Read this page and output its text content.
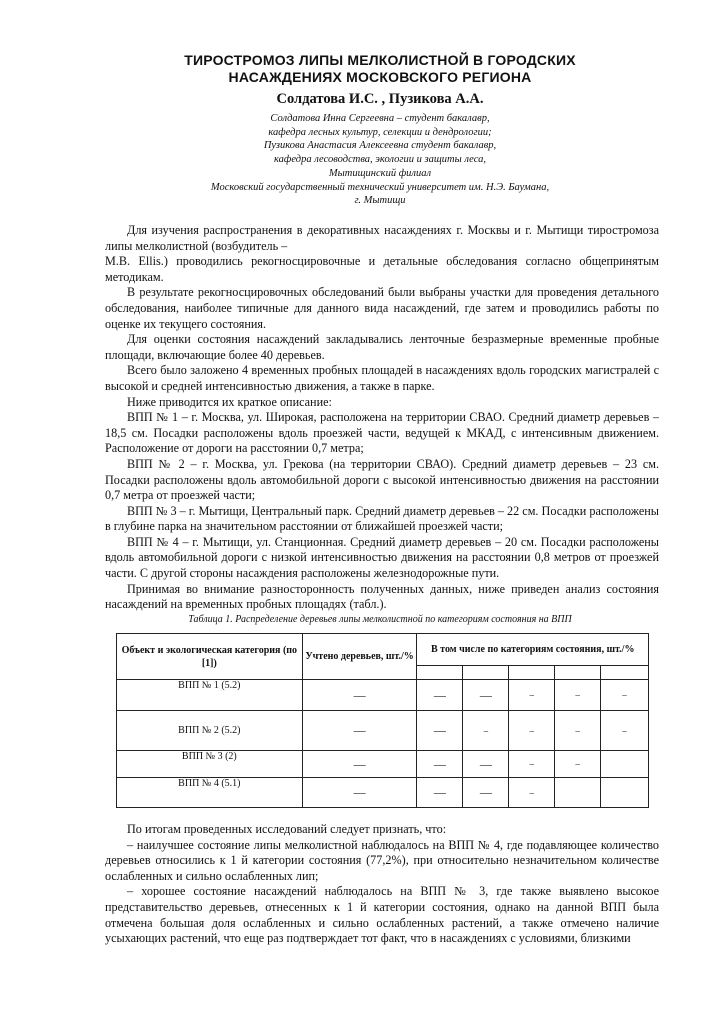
ТИРОСТРОМОЗ ЛИПЫ МЕЛКОЛИСТНОЙ В ГОРОДСКИХ
НАСАЖДЕНИЯХ МОСКОВСКОГО РЕГИОНА
Солдатова И.С. , Пузикова А.А.
Солдатова Инна Сергеевна – студент бакалавр,
кафедра лесных культур, селекции и дендрологии;
Пузикова Анастасия Алексеевна студент бакалавр,
кафедра лесоводства, экологии и защиты леса,
Мытищинский филиал
Московский государственный технический университет им. Н.Э. Баумана,
г. Мытищи

Для изучения распространения в декоративных насаждениях г. Москвы и г. Мытищи тиростромоза липы мелколистной (возбудитель –

M.B. Ellis.) проводились рекогносцировочные и детальные обследования согласно общепринятым методикам.

В результате рекогносцировочных обследований были выбраны участки для проведения детального обследования, наиболее типичные для данного вида насаждений, где затем и проводились работы по оценке их текущего состояния.

Для оценки состояния насаждений закладывались ленточные безразмерные временные пробные площади, включающие более 40 деревьев.

Всего было заложено 4 временных пробных площадей в насаждениях вдоль городских магистралей с высокой и средней интенсивностью движения, а также в парке.

Ниже приводится их краткое описание:

ВПП № 1 – г. Москва, ул. Широкая, расположена на территории СВАО. Средний диаметр деревьев – 18,5 см. Посадки расположены вдоль проезжей части, ведущей к МКАД, с интенсивным движением. Расположение от дороги на расстоянии 0,7 метра;

ВПП № 2 – г. Москва, ул. Грекова (на территории СВАО). Средний диаметр деревьев – 23 см. Посадки расположены вдоль автомобильной дороги с высокой интенсивностью движения на расстоянии 0,7 метра от проезжей части;

ВПП № 3 – г. Мытищи, Центральный парк. Средний диаметр деревьев – 22 см. Посадки расположены в глубине парка на значительном расстоянии от ближайшей проезжей части;

ВПП № 4 – г. Мытищи, ул. Станционная. Средний диаметр деревьев – 20 см. Посадки расположены вдоль автомобильной дороги с низкой интенсивностью движения на расстоянии 0,8 метров от проезжей части. С другой стороны насаждения расположены железнодорожные пути.

Принимая во внимание разносторонность полученных данных, ниже приведен анализ состояния насаждений на временных пробных площадях (табл.).

Таблица 1. Распределение деревьев липы мелколистной по категориям состояния на ВПП
Объект и экологическая категория (по [1])	Учтено деревьев, шт./%	В том числе по категориям состояния, шт./%				

ВПП № 1 (5.2)	—	—	—	–	–	–
ВПП № 2 (5.2)	—	—	–	–	–	–
ВПП № 3 (2)	—	—	—	–	–	
ВПП № 4 (5.1)	—	—	—	–		

По итогам проведенных исследований следует признать, что:

– наилучшее состояние липы мелколистной наблюдалось на ВПП № 4, где подавляющее количество деревьев относились к 1 й категории состояния (77,2%), при относительно незначительном количестве ослабленных и сильно ослабленных лип;

– хорошее состояние насаждений наблюдалось на ВПП № 3, где также выявлено высокое представительство деревьев, отнесенных к 1 й категории состояния, однако на данной ВПП была отмечена большая доля ослабленных и сильно ослабленных растений, а также отмечено наличие усыхающих растений, что еще раз подтверждает тот факт, что в насаждениях с условиями, близкими
